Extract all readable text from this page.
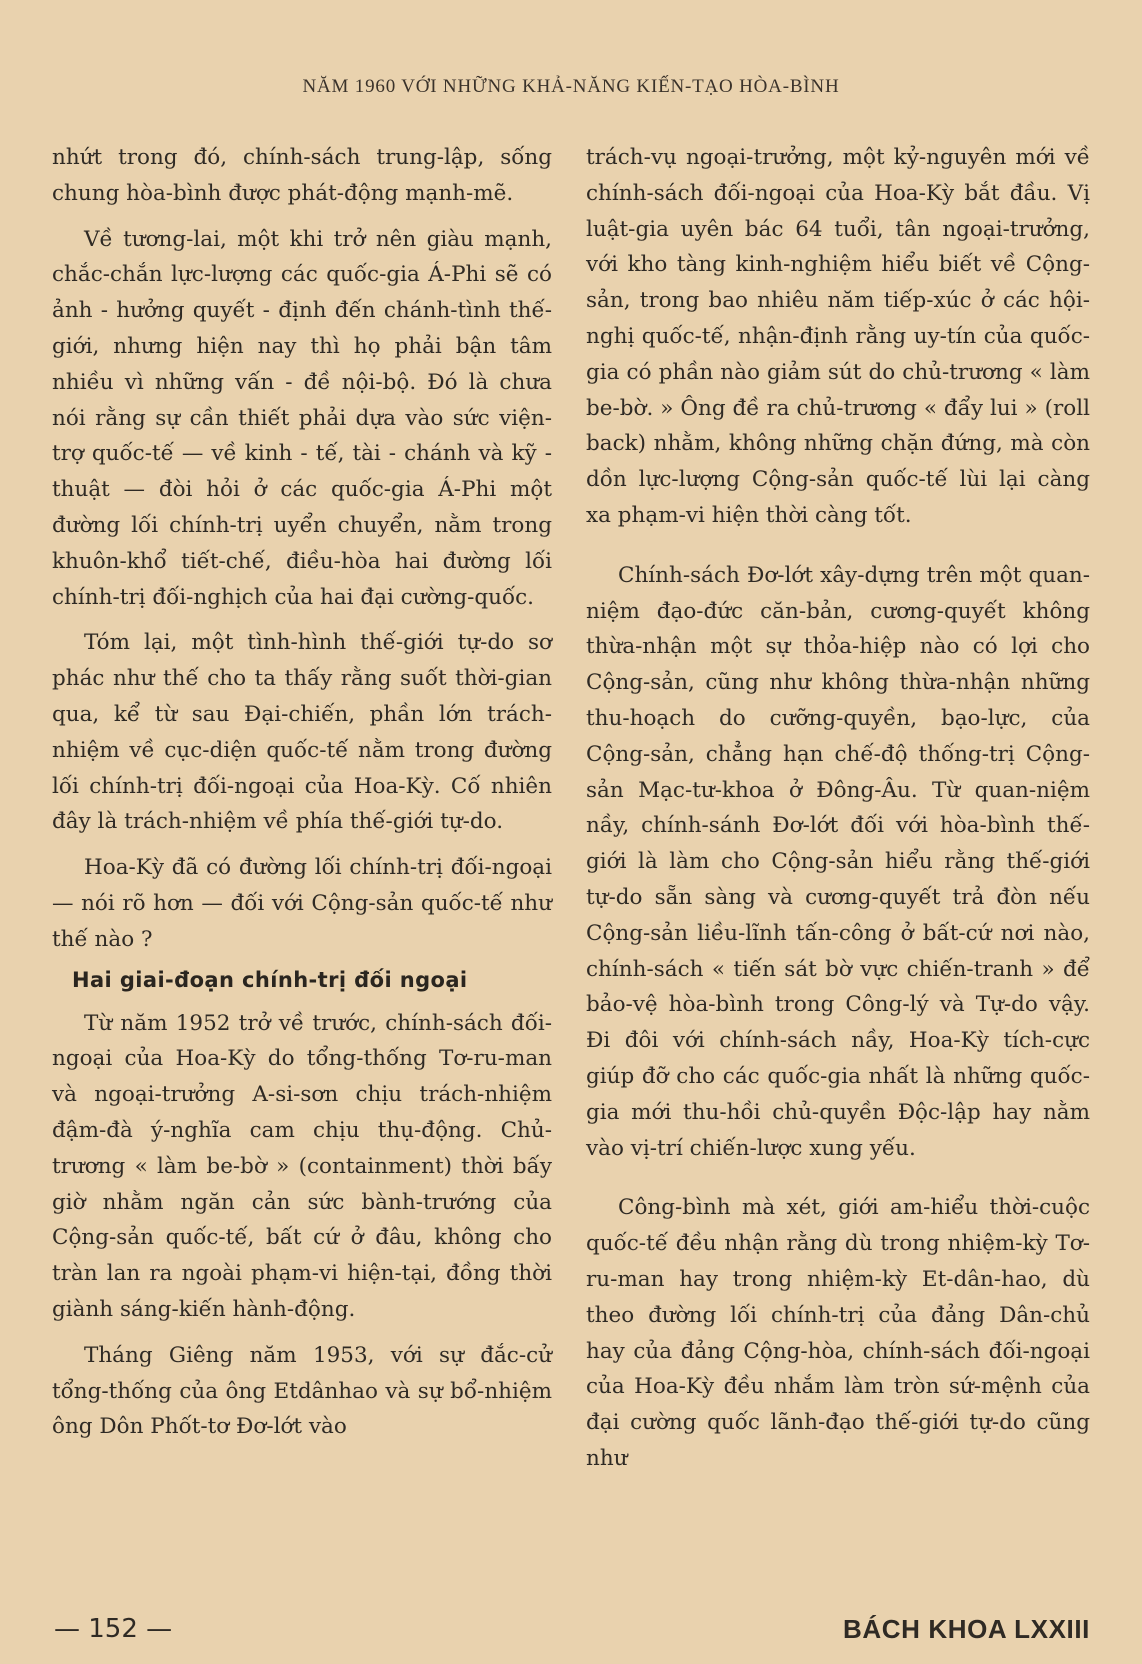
NĂM 1960 VỚI NHỮNG KHẢ-NĂNG KIẾN-TẠO HÒA-BÌNH

nhứt trong đó, chính-sách trung-lập, sống chung hòa-bình được phát-động mạnh-mẽ.

Về tương-lai, một khi trở nên giàu mạnh, chắc-chắn lực-lượng các quốc-gia Á-Phi sẽ có ảnh - hưởng quyết - định đến chánh-tình thế-giới, nhưng hiện nay thì họ phải bận tâm nhiều vì những vấn - đề nội-bộ. Đó là chưa nói rằng sự cần thiết phải dựa vào sức viện-trợ quốc-tế — về kinh - tế, tài - chánh và kỹ - thuật — đòi hỏi ở các quốc-gia Á-Phi một đường lối chính-trị uyển chuyển, nằm trong khuôn-khổ tiết-chế, điều-hòa hai đường lối chính-trị đối-nghịch của hai đại cường-quốc.

Tóm lại, một tình-hình thế-giới tự-do sơ phác như thế cho ta thấy rằng suốt thời-gian qua, kể từ sau Đại-chiến, phần lớn trách-nhiệm về cục-diện quốc-tế nằm trong đường lối chính-trị đối-ngoại của Hoa-Kỳ. Cố nhiên đây là trách-nhiệm về phía thế-giới tự-do.

Hoa-Kỳ đã có đường lối chính-trị đối-ngoại — nói rõ hơn — đối với Cộng-sản quốc-tế như thế nào ?

Hai giai-đoạn chính-trị đối ngoại

Từ năm 1952 trở về trước, chính-sách đối-ngoại của Hoa-Kỳ do tổng-thống Tơ-ru-man và ngoại-trưởng A-si-sơn chịu trách-nhiệm đậm-đà ý-nghĩa cam chịu thụ-động. Chủ-trương « làm be-bờ » (containment) thời bấy giờ nhằm ngăn cản sức bành-trướng của Cộng-sản quốc-tế, bất cứ ở đâu, không cho tràn lan ra ngoài phạm-vi hiện-tại, đồng thời giành sáng-kiến hành-động.

Tháng Giêng năm 1953, với sự đắc-cử tổng-thống của ông Etdânhao và sự bổ-nhiệm ông Dôn Phốt-tơ Đơ-lớt vào

trách-vụ ngoại-trưởng, một kỷ-nguyên mới về chính-sách đối-ngoại của Hoa-Kỳ bắt đầu. Vị luật-gia uyên bác 64 tuổi, tân ngoại-trưởng, với kho tàng kinh-nghiệm hiểu biết về Cộng-sản, trong bao nhiêu năm tiếp-xúc ở các hội-nghị quốc-tế, nhận-định rằng uy-tín của quốc-gia có phần nào giảm sút do chủ-trương « làm be-bờ. » Ông đề ra chủ-trương « đẩy lui » (roll back) nhằm, không những chặn đứng, mà còn dồn lực-lượng Cộng-sản quốc-tế lùi lại càng xa phạm-vi hiện thời càng tốt.

Chính-sách Đơ-lớt xây-dựng trên một quan-niệm đạo-đức căn-bản, cương-quyết không thừa-nhận một sự thỏa-hiệp nào có lợi cho Cộng-sản, cũng như không thừa-nhận những thu-hoạch do cưỡng-quyền, bạo-lực, của Cộng-sản, chẳng hạn chế-độ thống-trị Cộng-sản Mạc-tư-khoa ở Đông-Âu. Từ quan-niệm nầy, chính-sánh Đơ-lớt đối với hòa-bình thế-giới là làm cho Cộng-sản hiểu rằng thế-giới tự-do sẵn sàng và cương-quyết trả đòn nếu Cộng-sản liều-lĩnh tấn-công ở bất-cứ nơi nào, chính-sách « tiến sát bờ vực chiến-tranh » để bảo-vệ hòa-bình trong Công-lý và Tự-do vậy. Đi đôi với chính-sách nầy, Hoa-Kỳ tích-cực giúp đỡ cho các quốc-gia nhất là những quốc-gia mới thu-hồi chủ-quyền Độc-lập hay nằm vào vị-trí chiến-lược xung yếu.

Công-bình mà xét, giới am-hiểu thời-cuộc quốc-tế đều nhận rằng dù trong nhiệm-kỳ Tơ-ru-man hay trong nhiệm-kỳ Et-dân-hao, dù theo đường lối chính-trị của đảng Dân-chủ hay của đảng Cộng-hòa, chính-sách đối-ngoại của Hoa-Kỳ đều nhắm làm tròn sứ-mệnh của đại cường quốc lãnh-đạo thế-giới tự-do cũng như

— 152 —	BÁCH KHOA LXXIII
